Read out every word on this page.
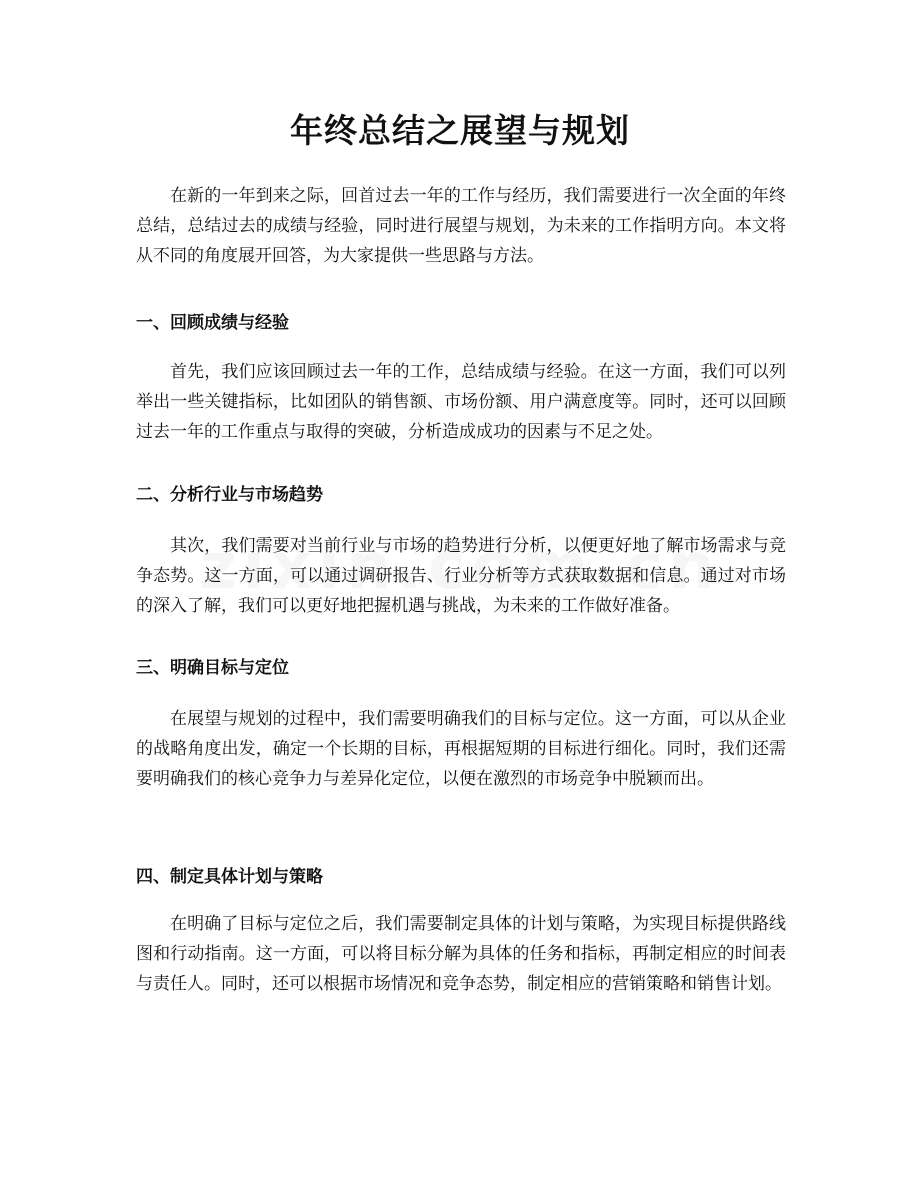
年终总结之展望与规划

在新的一年到来之际，回首过去一年的工作与经历，我们需要进行一次全面的年终总结，总结过去的成绩与经验，同时进行展望与规划，为未来的工作指明方向。本文将从不同的角度展开回答，为大家提供一些思路与方法。

一、回顾成绩与经验

首先，我们应该回顾过去一年的工作，总结成绩与经验。在这一方面，我们可以列举出一些关键指标，比如团队的销售额、市场份额、用户满意度等。同时，还可以回顾过去一年的工作重点与取得的突破，分析造成成功的因素与不足之处。

二、分析行业与市场趋势

其次，我们需要对当前行业与市场的趋势进行分析，以便更好地了解市场需求与竞争态势。这一方面，可以通过调研报告、行业分析等方式获取数据和信息。通过对市场的深入了解，我们可以更好地把握机遇与挑战，为未来的工作做好准备。

三、明确目标与定位

在展望与规划的过程中，我们需要明确我们的目标与定位。这一方面，可以从企业的战略角度出发，确定一个长期的目标，再根据短期的目标进行细化。同时，我们还需要明确我们的核心竞争力与差异化定位，以便在激烈的市场竞争中脱颖而出。

四、制定具体计划与策略

在明确了目标与定位之后，我们需要制定具体的计划与策略，为实现目标提供路线图和行动指南。这一方面，可以将目标分解为具体的任务和指标，再制定相应的时间表与责任人。同时，还可以根据市场情况和竞争态势，制定相应的营销策略和销售计划。
